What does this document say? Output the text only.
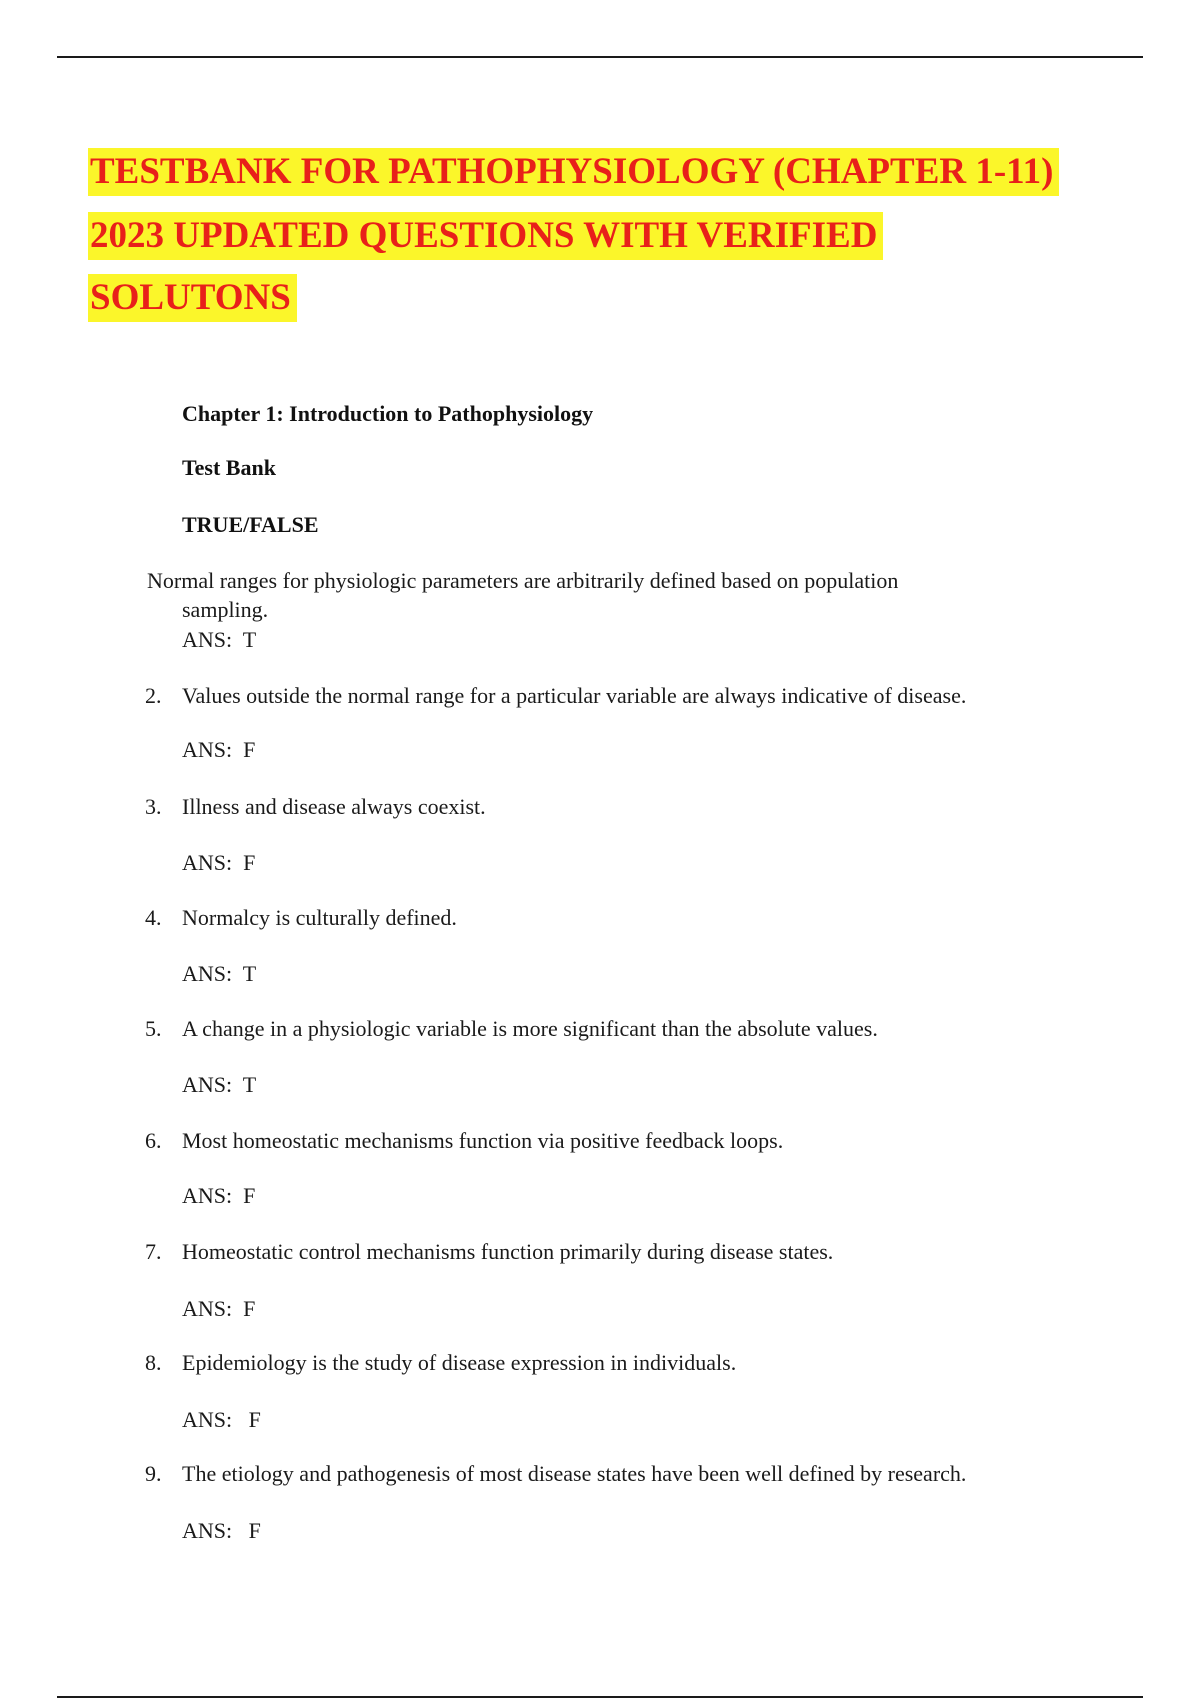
TESTBANK FOR PATHOPHYSIOLOGY (CHAPTER 1-11)
2023 UPDATED QUESTIONS WITH VERIFIED
SOLUTONS
Chapter 1: Introduction to Pathophysiology
Test Bank
TRUE/FALSE
Normal ranges for physiologic parameters are arbitrarily defined based on population
sampling.
ANS:  T
2. Values outside the normal range for a particular variable are always indicative of disease.
ANS:  F
3. Illness and disease always coexist.
ANS:  F
4. Normalcy is culturally defined.
ANS:  T
5. A change in a physiologic variable is more significant than the absolute values.
ANS:  T
6. Most homeostatic mechanisms function via positive feedback loops.
ANS:  F
7. Homeostatic control mechanisms function primarily during disease states.
ANS:  F
8. Epidemiology is the study of disease expression in individuals.
ANS:   F
9. The etiology and pathogenesis of most disease states have been well defined by research.
ANS:   F
